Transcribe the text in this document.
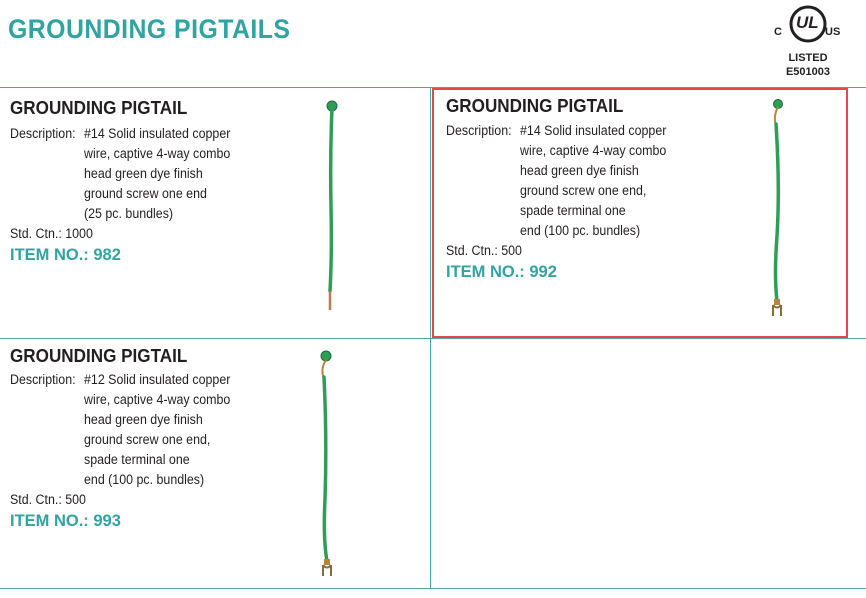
GROUNDING PIGTAILS	C UL US
LISTED
E501003
GROUNDING PIGTAIL
Description: #14 Solid insulated copper
wire, captive 4-way combo
head green dye finish
ground screw one end
(25 pc. bundles)
Std. Ctn.: 1000
ITEM NO.: 982
GROUNDING PIGTAIL
Description: #14 Solid insulated copper
wire, captive 4-way combo
head green dye finish
ground screw one end,
spade terminal one
end (100 pc. bundles)
Std. Ctn.: 500
ITEM NO.: 992
GROUNDING PIGTAIL
Description: #12 Solid insulated copper
wire, captive 4-way combo
head green dye finish
ground screw one end,
spade terminal one
end (100 pc. bundles)
Std. Ctn.: 500
ITEM NO.: 993
